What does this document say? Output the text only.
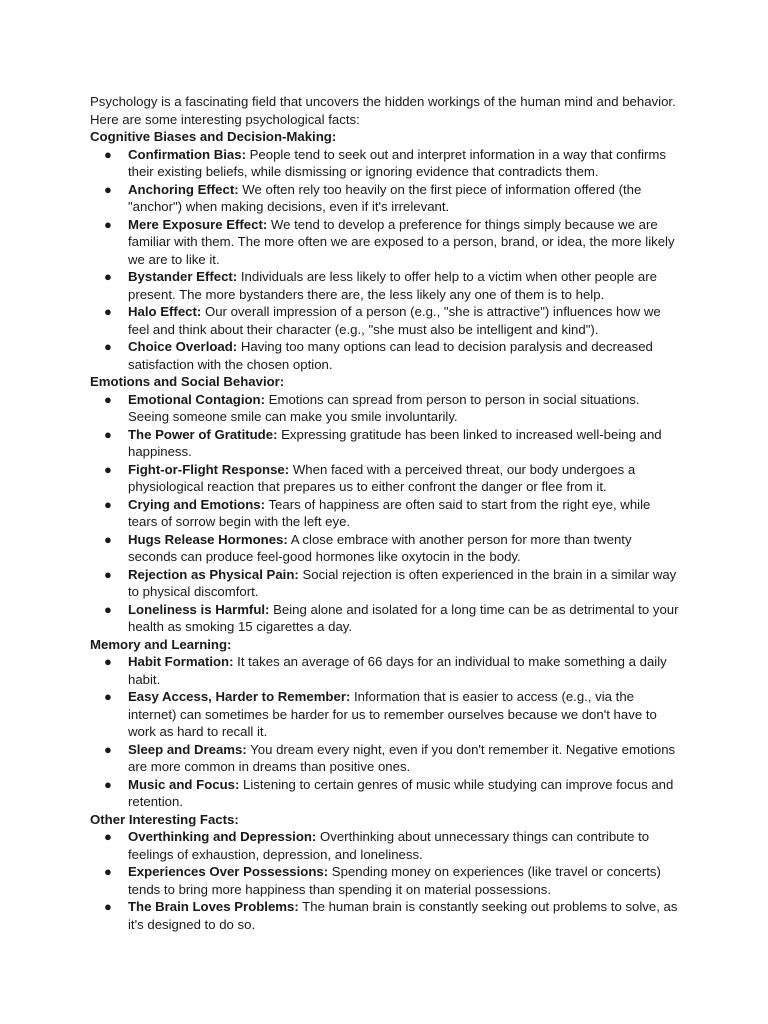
Psychology is a fascinating field that uncovers the hidden workings of the human mind and behavior. Here are some interesting psychological facts:

Cognitive Biases and Decision-Making:

● Confirmation Bias: People tend to seek out and interpret information in a way that confirms their existing beliefs, while dismissing or ignoring evidence that contradicts them.
● Anchoring Effect: We often rely too heavily on the first piece of information offered (the "anchor") when making decisions, even if it's irrelevant.
● Mere Exposure Effect: We tend to develop a preference for things simply because we are familiar with them. The more often we are exposed to a person, brand, or idea, the more likely we are to like it.
● Bystander Effect: Individuals are less likely to offer help to a victim when other people are present. The more bystanders there are, the less likely any one of them is to help.
● Halo Effect: Our overall impression of a person (e.g., "she is attractive") influences how we feel and think about their character (e.g., "she must also be intelligent and kind").
● Choice Overload: Having too many options can lead to decision paralysis and decreased satisfaction with the chosen option.

Emotions and Social Behavior:

● Emotional Contagion: Emotions can spread from person to person in social situations. Seeing someone smile can make you smile involuntarily.
● The Power of Gratitude: Expressing gratitude has been linked to increased well-being and happiness.
● Fight-or-Flight Response: When faced with a perceived threat, our body undergoes a physiological reaction that prepares us to either confront the danger or flee from it.
● Crying and Emotions: Tears of happiness are often said to start from the right eye, while tears of sorrow begin with the left eye.
● Hugs Release Hormones: A close embrace with another person for more than twenty seconds can produce feel-good hormones like oxytocin in the body.
● Rejection as Physical Pain: Social rejection is often experienced in the brain in a similar way to physical discomfort.
● Loneliness is Harmful: Being alone and isolated for a long time can be as detrimental to your health as smoking 15 cigarettes a day.

Memory and Learning:

● Habit Formation: It takes an average of 66 days for an individual to make something a daily habit.
● Easy Access, Harder to Remember: Information that is easier to access (e.g., via the internet) can sometimes be harder for us to remember ourselves because we don't have to work as hard to recall it.
● Sleep and Dreams: You dream every night, even if you don't remember it. Negative emotions are more common in dreams than positive ones.
● Music and Focus: Listening to certain genres of music while studying can improve focus and retention.

Other Interesting Facts:

● Overthinking and Depression: Overthinking about unnecessary things can contribute to feelings of exhaustion, depression, and loneliness.
● Experiences Over Possessions: Spending money on experiences (like travel or concerts) tends to bring more happiness than spending it on material possessions.
● The Brain Loves Problems: The human brain is constantly seeking out problems to solve, as it's designed to do so.
